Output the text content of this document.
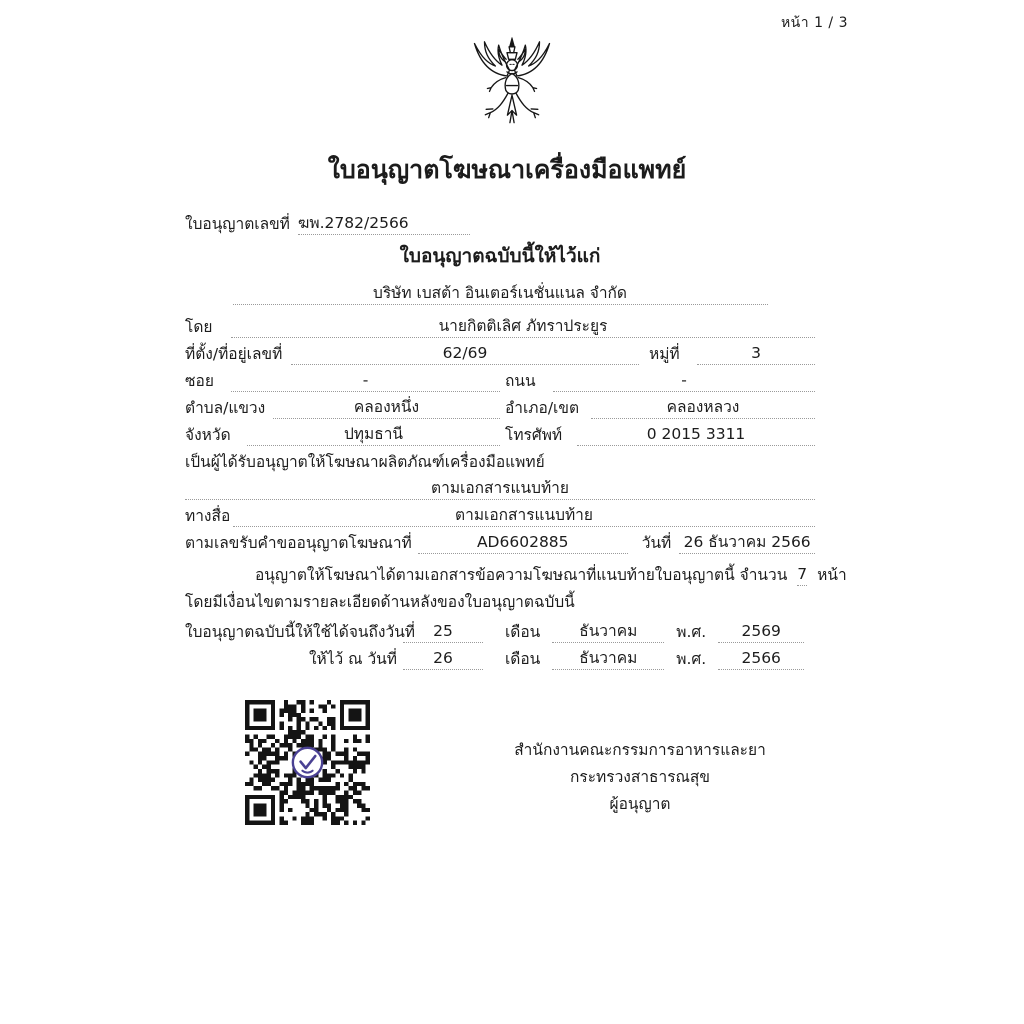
หน้า 1 / 3
ใบอนุญาตโฆษณาเครื่องมือแพทย์
ใบอนุญาตเลขที่ ฆพ.2782/2566
ใบอนุญาตฉบับนี้ให้ไว้แก่
บริษัท เบสต้า อินเตอร์เนชั่นแนล จำกัด
โดย	นายกิตติเลิศ ภัทราประยูร
ที่ตั้ง/ที่อยู่เลขที่	62/69	หมู่ที่	3
ซอย	-	ถนน	-
ตำบล/แขวง	คลองหนึ่ง	อำเภอ/เขต	คลองหลวง
จังหวัด	ปทุมธานี	โทรศัพท์	0 2015 3311
เป็นผู้ได้รับอนุญาตให้โฆษณาผลิตภัณฑ์เครื่องมือแพทย์
ตามเอกสารแนบท้าย
ทางสื่อ	ตามเอกสารแนบท้าย
ตามเลขรับคำขออนุญาตโฆษณาที่	AD6602885	วันที่ 26 ธันวาคม 2566
อนุญาตให้โฆษณาได้ตามเอกสารข้อความโฆษณาที่แนบท้ายใบอนุญาตนี้ จำนวน 7 หน้า
โดยมีเงื่อนไขตามรายละเอียดด้านหลังของใบอนุญาตฉบับนี้
ใบอนุญาตฉบับนี้ให้ใช้ได้จนถึงวันที่	25	เดือน	ธันวาคม	พ.ศ.	2569
ให้ไว้ ณ วันที่	26	เดือน	ธันวาคม	พ.ศ.	2566
สำนักงานคณะกรรมการอาหารและยา
กระทรวงสาธารณสุข
ผู้อนุญาต
